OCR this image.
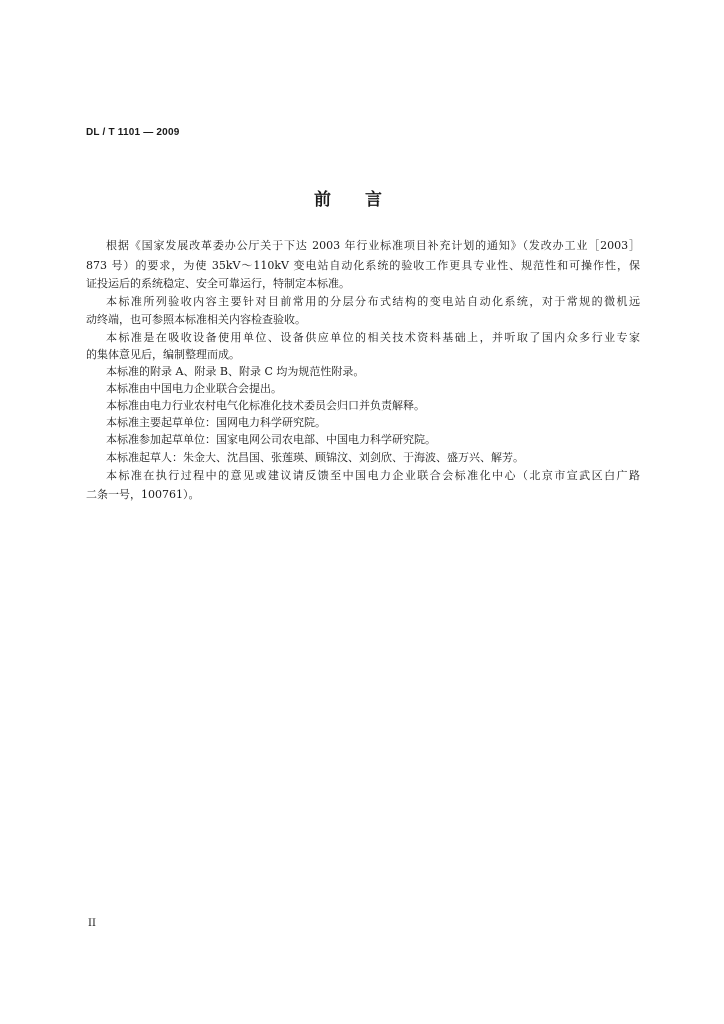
DL / T 1101 — 2009
前　　言
根据《国家发展改革委办公厅关于下达 2003 年行业标准项目补充计划的通知》（发改办工业［2003］
873 号）的要求，为使 35kV～110kV 变电站自动化系统的验收工作更具专业性、规范性和可操作性，保
证投运后的系统稳定、安全可靠运行，特制定本标准。
本标准所列验收内容主要针对目前常用的分层分布式结构的变电站自动化系统，对于常规的微机远
动终端，也可参照本标准相关内容检查验收。
本标准是在吸收设备使用单位、设备供应单位的相关技术资料基础上，并听取了国内众多行业专家
的集体意见后，编制整理而成。
本标准的附录 A、附录 B、附录 C 均为规范性附录。
本标准由中国电力企业联合会提出。
本标准由电力行业农村电气化标准化技术委员会归口并负责解释。
本标准主要起草单位：国网电力科学研究院。
本标准参加起草单位：国家电网公司农电部、中国电力科学研究院。
本标准起草人：朱金大、沈昌国、张莲瑛、顾锦汶、刘剑欣、于海波、盛万兴、解芳。
本标准在执行过程中的意见或建议请反馈至中国电力企业联合会标准化中心（北京市宣武区白广路
二条一号，100761）。
II
